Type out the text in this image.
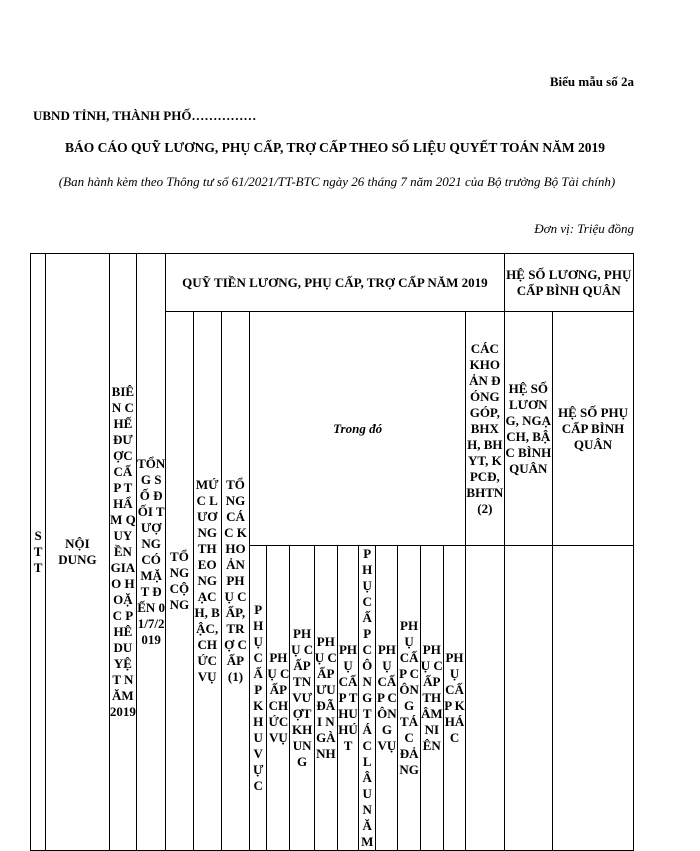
Biểu mẫu số 2a
UBND TỈNH, THÀNH PHỐ……………
BÁO CÁO QUỸ LƯƠNG, PHỤ CẤP, TRỢ CẤP THEO SỐ LIỆU QUYẾT TOÁN NĂM 2019
(Ban hành kèm theo Thông tư số 61/2021/TT-BTC ngày 26 tháng 7 năm 2021 của Bộ trưởng Bộ Tài chính)
Đơn vị: Triệu đồng
STT	NỘI DUNG	BIÊN CHẾ ĐƯỢC CẤP THẨM QUYỀN GIAO HOẶC PHÊ DUYỆT NĂM 2019	TỔNG SỐ ĐỐI TƯỢNG CÓ MẶT ĐẾN 01/7/2019	QUỸ TIỀN LƯƠNG, PHỤ CẤP, TRỢ CẤP NĂM 2019														HỆ SỐ LƯƠNG, PHỤ CẤP BÌNH QUÂN	
				TỔNG CỘNG	MỨC LƯƠNG THEO NGẠCH, BẬC, CHỨC VỤ	TỔNG CÁC KHOẢN PHỤ CẤP, TRỢ CẤP (1)	Trong đó										CÁC KHOẢN ĐÓNG GÓP, BHXH, BHYT, KPCĐ,BHTN (2)	HỆ SỐ LƯƠNG, NGẠCH, BẬC BÌNH QUÂN	HỆ SỐ PHỤ CẤP BÌNH QUÂN
							PHỤ CẤP KHU VỰC	PHỤ CẤP CHỨC VỤ	PHỤ CẤP TNVƯỢT KHUNG	PHỤ CẤP ƯU ĐÃI NGÀNH	PHỤ CẤP THU HÚT	PHỤ CẤP CÔNG TÁC LÂU NĂM	PHỤ CẤP CÔNG VỤ	PHỤ CẤP CÔNG TÁC ĐẢNG	PHỤ CẤP THÂM NIÊN	PHỤ CẤP KHÁC			
